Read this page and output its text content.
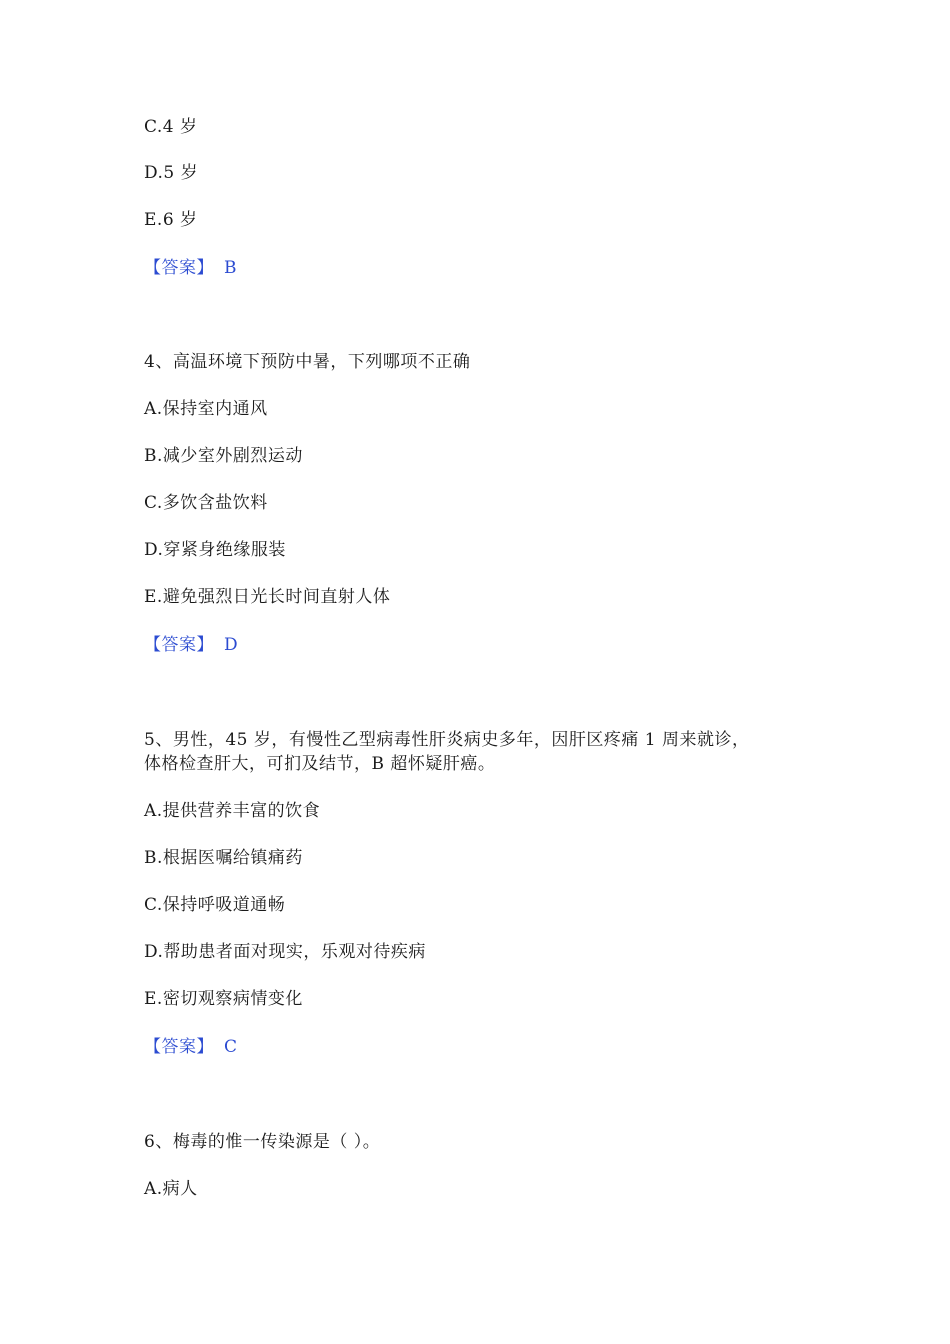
C.4 岁
D.5 岁
E.6 岁
【答案】 B
4、高温环境下预防中暑，下列哪项不正确
A.保持室内通风
B.减少室外剧烈运动
C.多饮含盐饮料
D.穿紧身绝缘服装
E.避免强烈日光长时间直射人体
【答案】 D
5、男性，45 岁，有慢性乙型病毒性肝炎病史多年，因肝区疼痛 1 周来就诊，
体格检查肝大，可扪及结节，B 超怀疑肝癌。
A.提供营养丰富的饮食
B.根据医嘱给镇痛药
C.保持呼吸道通畅
D.帮助患者面对现实，乐观对待疾病
E.密切观察病情变化
【答案】 C
6、梅毒的惟一传染源是（ ）。
A.病人
